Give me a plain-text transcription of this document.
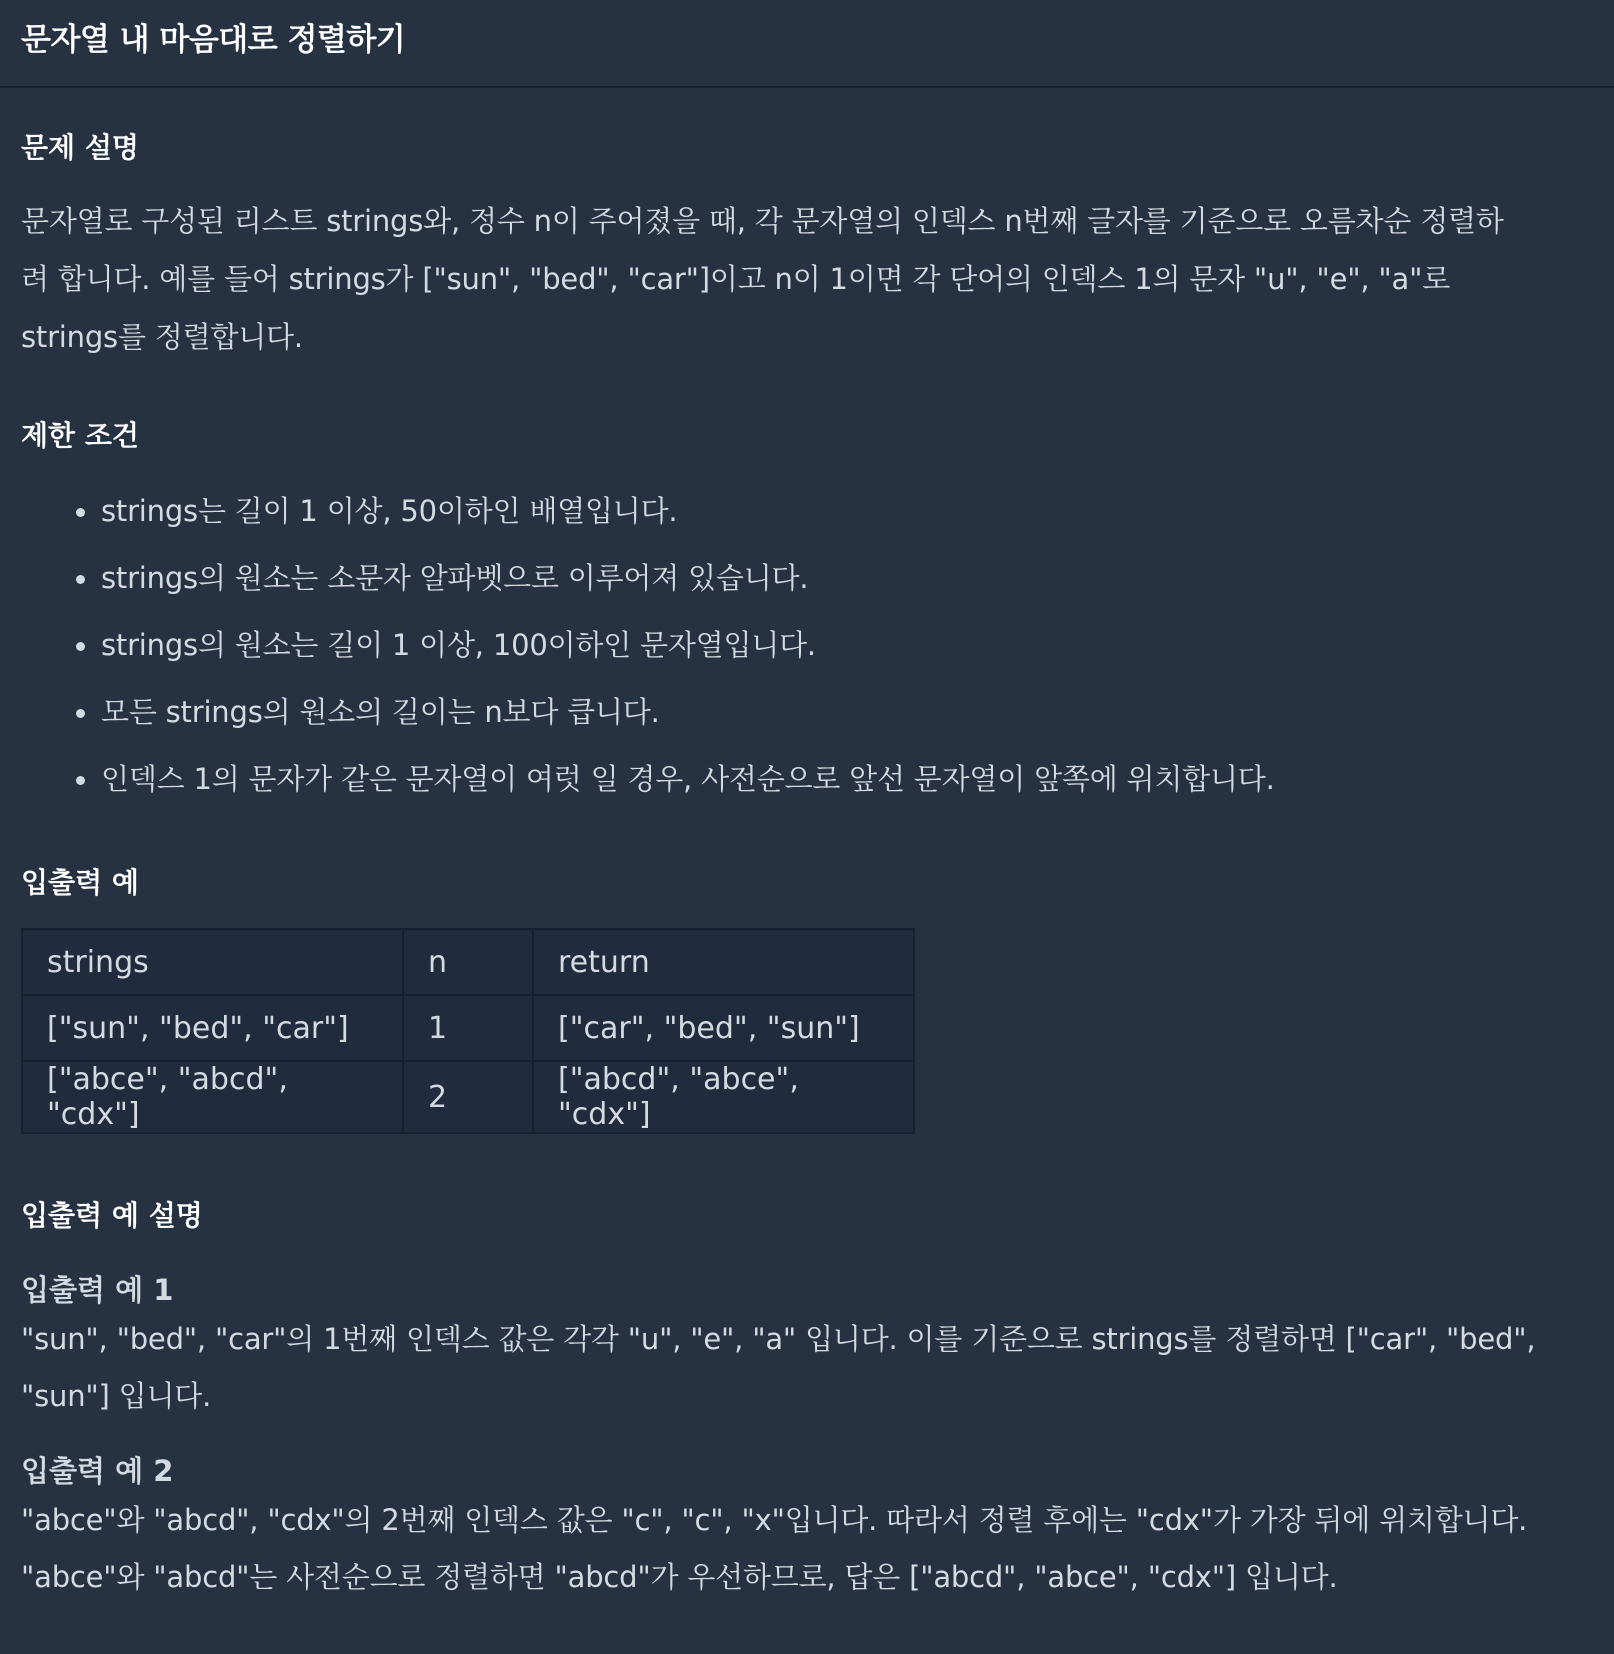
문자열 내 마음대로 정렬하기
문제 설명

문자열로 구성된 리스트 strings와, 정수 n이 주어졌을 때, 각 문자열의 인덱스 n번째 글자를 기준으로 오름차순 정렬하
려 합니다. 예를 들어 strings가 ["sun", "bed", "car"]이고 n이 1이면 각 단어의 인덱스 1의 문자 "u", "e", "a"로
strings를 정렬합니다.

제한 조건
strings는 길이 1 이상, 50이하인 배열입니다.
strings의 원소는 소문자 알파벳으로 이루어져 있습니다.
strings의 원소는 길이 1 이상, 100이하인 문자열입니다.
모든 strings의 원소의 길이는 n보다 큽니다.
인덱스 1의 문자가 같은 문자열이 여럿 일 경우, 사전순으로 앞선 문자열이 앞쪽에 위치합니다.
입출력 예
strings	n	return
["sun", "bed", "car"]	1	["car", "bed", "sun"]
["abce", "abcd", "cdx"]	2	["abcd", "abce", "cdx"]
입출력 예 설명
입출력 예 1

"sun", "bed", "car"의 1번째 인덱스 값은 각각 "u", "e", "a" 입니다. 이를 기준으로 strings를 정렬하면 ["car", "bed",
"sun"] 입니다.

입출력 예 2

"abce"와 "abcd", "cdx"의 2번째 인덱스 값은 "c", "c", "x"입니다. 따라서 정렬 후에는 "cdx"가 가장 뒤에 위치합니다.
"abce"와 "abcd"는 사전순으로 정렬하면 "abcd"가 우선하므로, 답은 ["abcd", "abce", "cdx"] 입니다.
